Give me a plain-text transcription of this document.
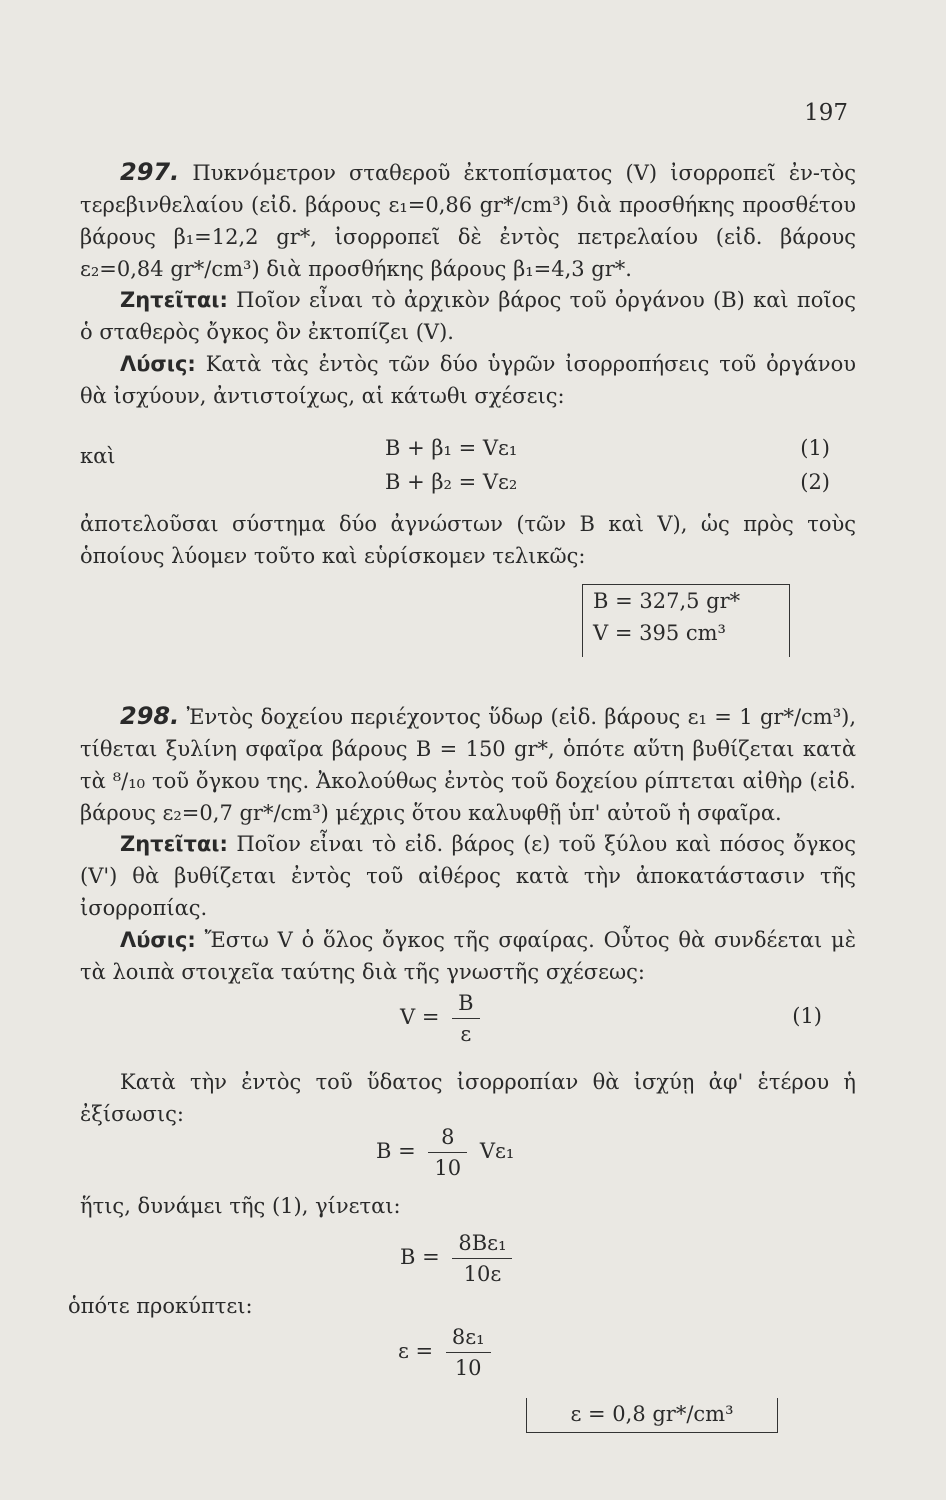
197
297. Πυκνόμετρον σταθεροῦ ἐκτοπίσματος (V) ἰσορροπεῖ ἐν-τὸς τερεβινθελαίου (εἰδ. βάρους ε₁=0,86 gr*/cm³) διὰ προσθήκης προσθέτου βάρους β₁=12,2 gr*, ἰσορροπεῖ δὲ ἐντὸς πετρελαίου (εἰδ. βάρους ε₂=0,84 gr*/cm³) διὰ προσθήκης βάρους β₁=4,3 gr*.
Ζητεῖται: Ποῖον εἶναι τὸ ἀρχικὸν βάρος τοῦ ὀργάνου (B) καὶ ποῖος ὁ σταθερὸς ὄγκος ὃν ἐκτοπίζει (V).
Λύσις: Κατὰ τὰς ἐντὸς τῶν δύο ὑγρῶν ἰσορροπήσεις τοῦ ὀργάνου θὰ ἰσχύουν, ἀντιστοίχως, αἱ κάτωθι σχέσεις:
B + β₁ = Vε₁	(1)
καὶ
B + β₂ = Vε₂	(2)
ἀποτελοῦσαι σύστημα δύο ἀγνώστων (τῶν B καὶ V), ὡς πρὸς τοὺς ὁποίους λύομεν τοῦτο καὶ εὑρίσκομεν τελικῶς:
B = 327,5 gr*
V = 395 cm³
298. Ἐντὸς δοχείου περιέχοντος ὕδωρ (εἰδ. βάρους ε₁ = 1 gr*/cm³), τίθεται ξυλίνη σφαῖρα βάρους B = 150 gr*, ὁπότε αὕτη βυθίζεται κατὰ τὰ ⁸/₁₀ τοῦ ὄγκου της. Ἀκολούθως ἐντὸς τοῦ δοχείου ρίπτεται αἰθὴρ (εἰδ. βάρους ε₂=0,7 gr*/cm³) μέχρις ὅτου καλυφθῇ ὑπ' αὐτοῦ ἡ σφαῖρα.
Ζητεῖται: Ποῖον εἶναι τὸ εἰδ. βάρος (ε) τοῦ ξύλου καὶ πόσος ὄγκος (V') θὰ βυθίζεται ἐντὸς τοῦ αἰθέρος κατὰ τὴν ἀποκατάστασιν τῆς ἰσορροπίας.
Λύσις: Ἔστω V ὁ ὅλος ὄγκος τῆς σφαίρας. Οὗτος θὰ συνδέεται μὲ τὰ λοιπὰ στοιχεῖα ταύτης διὰ τῆς γνωστῆς σχέσεως:
$V = \frac{B}{\varepsilon}$	(1)
Κατὰ τὴν ἐντὸς τοῦ ὕδατος ἰσορροπίαν θὰ ἰσχύῃ ἀφ' ἑτέρου ἡ ἐξίσωσις:
$B = \frac{8}{10} V\varepsilon_1$
ἥτις, δυνάμει τῆς (1), γίνεται:
$B = \frac{\text{8Bε₁}}{10\varepsilon}$
ὁπότε προκύπτει:
$\varepsilon = \frac{\text{8ε₁}}{10}$
ε = 0,8 gr*/cm³
